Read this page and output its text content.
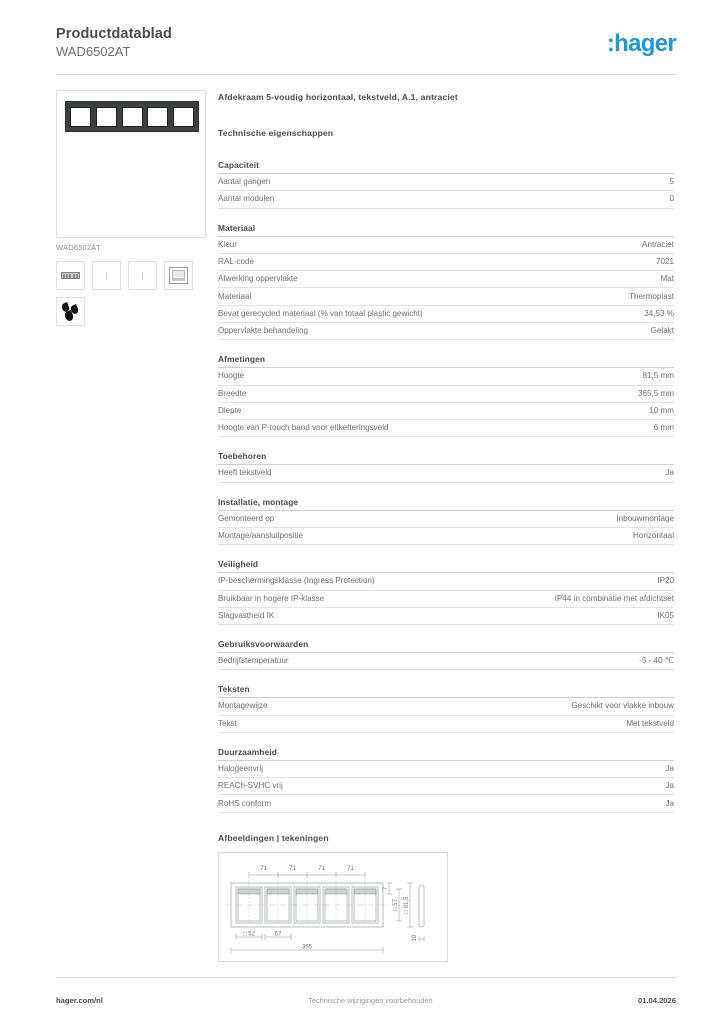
Productdatablad
WAD6502AT	:hager
WAD6502AT
Afdekraam 5-voudig horizontaal, tekstveld, A.1, antraciet
Technische eigenschappen
Capaciteit
Aantal gangen	5
Aantal modulen	0
Materiaal
Kleur	Antraciet
RAL-code	7021
Afwerking oppervlakte	Mat
Materiaal	Thermoplast
Bevat gerecycled materiaal (% van totaal plastic gewicht)	34,53 %
Oppervlakte behandeling	Gelakt
Afmetingen
Hoogte	81,5 mm
Breedte	365,5 mm
Diepte	10 mm
Hoogte van P-touch band voor etiketteringsveld	6 mm
Toebehoren
Heeft tekstveld	Ja
Installatie, montage
Gemonteerd op	Inbouwmontage
Montage/aansluitpositie	Horizontaal
Veiligheid
IP-beschermingsklasse (Ingress Protection)	IP20
Bruikbaar in hogere IP-klasse	IP44 in combinatie met afdichtset
Slagvastheid IK	IK05
Gebruiksvoorwaarden
Bedrijfstemperatuur	-5 - 40 ℃
Teksten
Montagewijze	Geschikt voor vlakke inbouw
Tekst	Met tekstveld
Duurzaamheid
Halogeenvrij	Ja
REACh-SVHC vrij	Ja
RoHS conform	Ja
Afbeeldingen | tekeningen
71	71	71	71
□ 52	57
365
7
□ 57 □ 81,5
10
hager.com/nl	Technische wijzigingen voorbehouden	01.04.2026
